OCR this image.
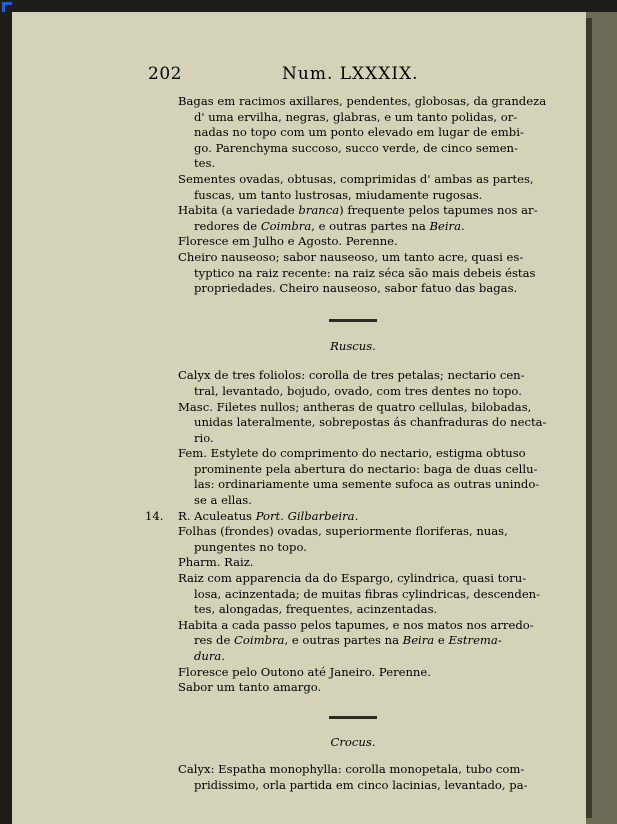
202	Num. LXXXIX.
Bagas em racimos axillares, pendentes, globosas, da grandeza
d' uma ervilha, negras, glabras, e um tanto polidas, or-
nadas no topo com um ponto elevado em lugar de embi-
go. Parenchyma succoso, succo verde, de cinco semen-
tes.
Sementes ovadas, obtusas, comprimidas d' ambas as partes,
fuscas, um tanto lustrosas, miudamente rugosas.
Habita (a variedade branca) frequente pelos tapumes nos ar-
redores de Coimbra, e outras partes na Beira.
Floresce em Julho e Agosto. Perenne.
Cheiro nauseoso; sabor nauseoso, um tanto acre, quasi es-
typtico na raiz recente: na raiz séca são mais debeis éstas
propriedades. Cheiro nauseoso, sabor fatuo das bagas.
Ruscus.
Calyx de tres foliolos: corolla de tres petalas; nectario cen-
tral, levantado, bojudo, ovado, com tres dentes no topo.
Masc. Filetes nullos; antheras de quatro cellulas, bilobadas,
unidas lateralmente, sobrepostas ás chanfraduras do necta-
rio.
Fem. Estylete do comprimento do nectario, estigma obtuso
prominente pela abertura do nectario: baga de duas cellu-
las: ordinariamente uma semente sufoca as outras unindo-
se a ellas.
14. R. Aculeatus Port. Gilbarbeira.
Folhas (frondes) ovadas, superiormente floriferas, nuas,
pungentes no topo.
Pharm. Raiz.
Raiz com apparencia da do Espargo, cylindrica, quasi toru-
losa, acinzentada; de muitas fibras cylindricas, descenden-
tes, alongadas, frequentes, acinzentadas.
Habita a cada passo pelos tapumes, e nos matos nos arredo-
res de Coimbra, e outras partes na Beira e Estrema-
dura.
Floresce pelo Outono até Janeiro. Perenne.
Sabor um tanto amargo.
Crocus.
Calyx: Espatha monophylla: corolla monopetala, tubo com-
pridissimo, orla partida em cinco lacinias, levantado, pa-
